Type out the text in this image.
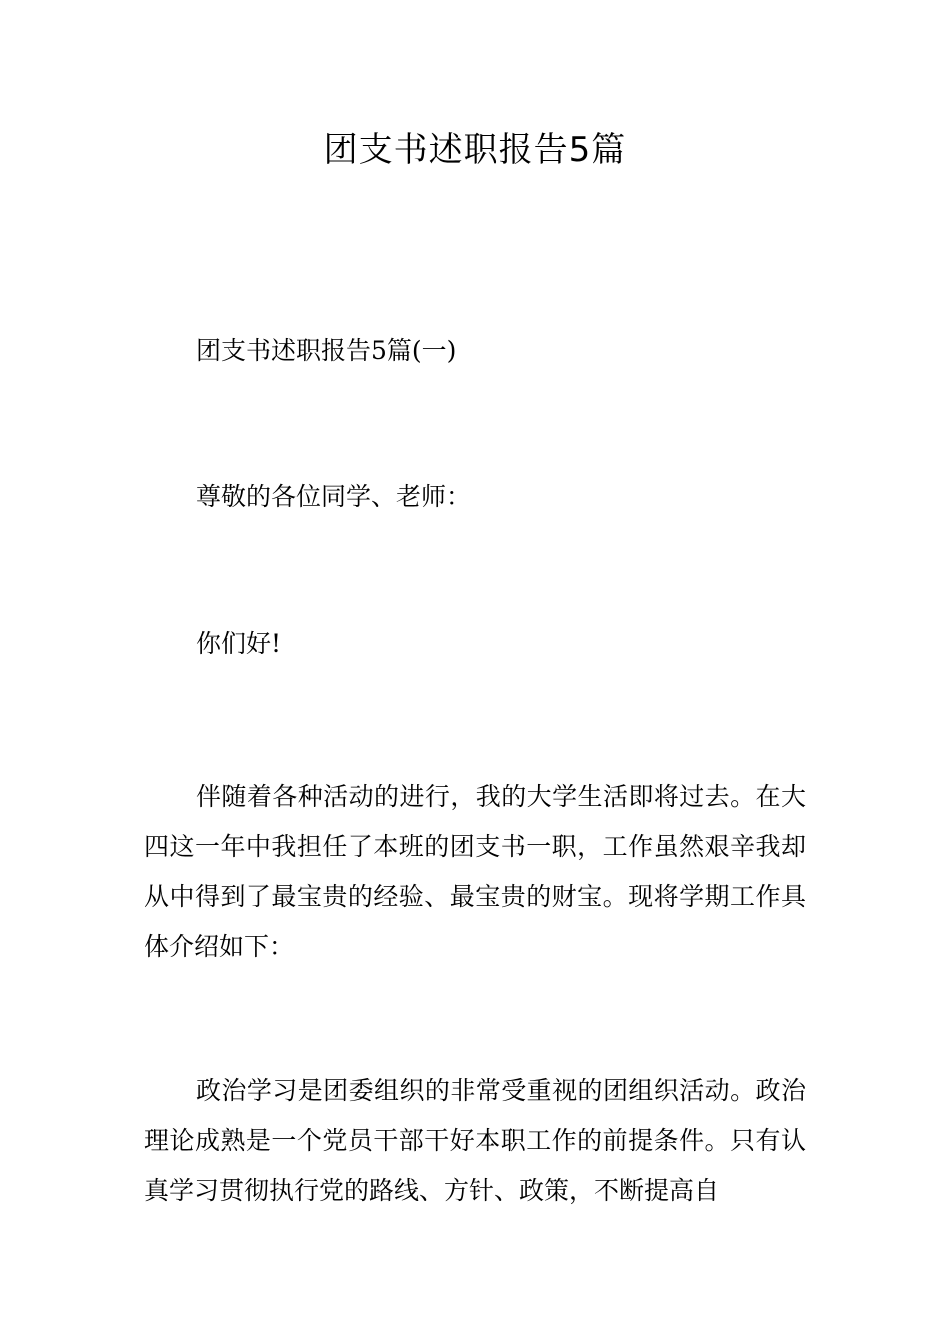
团支书述职报告5篇

团支书述职报告5篇(一)

尊敬的各位同学、老师：

你们好!

伴随着各种活动的进行，我的大学生活即将过去。在大四这一年中我担任了本班的团支书一职，工作虽然艰辛我却从中得到了最宝贵的经验、最宝贵的财宝。现将学期工作具体介绍如下：

政治学习是团委组织的非常受重视的团组织活动。政治理论成熟是一个党员干部干好本职工作的前提条件。只有认真学习贯彻执行党的路线、方针、政策，不断提高自
